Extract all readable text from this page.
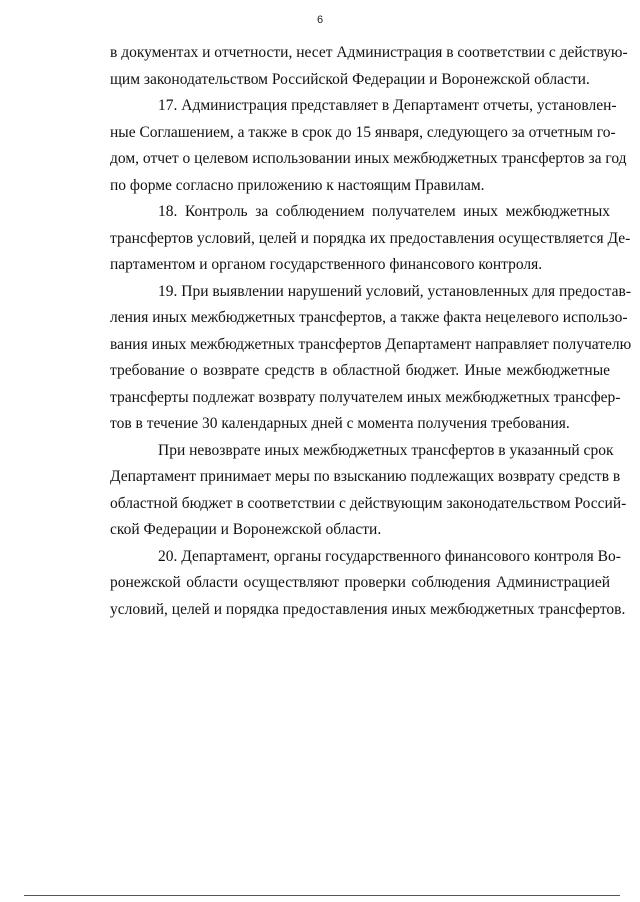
6

в документах и отчетности, несет Администрация в соответствии с действую-
щим законодательством Российской Федерации и Воронежской области.

17. Администрация представляет в Департамент отчеты, установлен-
ные Соглашением, а также в срок до 15 января, следующего за отчетным го-
дом, отчет о целевом использовании иных межбюджетных трансфертов за год
по форме согласно приложению к настоящим Правилам.

18. Контроль за соблюдением получателем иных межбюджетных
трансфертов условий, целей и порядка их предоставления осуществляется Де-
партаментом и органом государственного финансового контроля.

19. При выявлении нарушений условий, установленных для предостав-
ления иных межбюджетных трансфертов, а также факта нецелевого использо-
вания иных межбюджетных трансфертов Департамент направляет получателю
требование о возврате средств в областной бюджет. Иные межбюджетные
трансферты подлежат возврату получателем иных межбюджетных трансфер-
тов в течение 30 календарных дней с момента получения требования.

При невозврате иных межбюджетных трансфертов в указанный срок
Департамент принимает меры по взысканию подлежащих возврату средств в
областной бюджет в соответствии с действующим законодательством Россий-
ской Федерации и Воронежской области.

20. Департамент, органы государственного финансового контроля Во-
ронежской области осуществляют проверки соблюдения Администрацией
условий, целей и порядка предоставления иных межбюджетных трансфертов.
